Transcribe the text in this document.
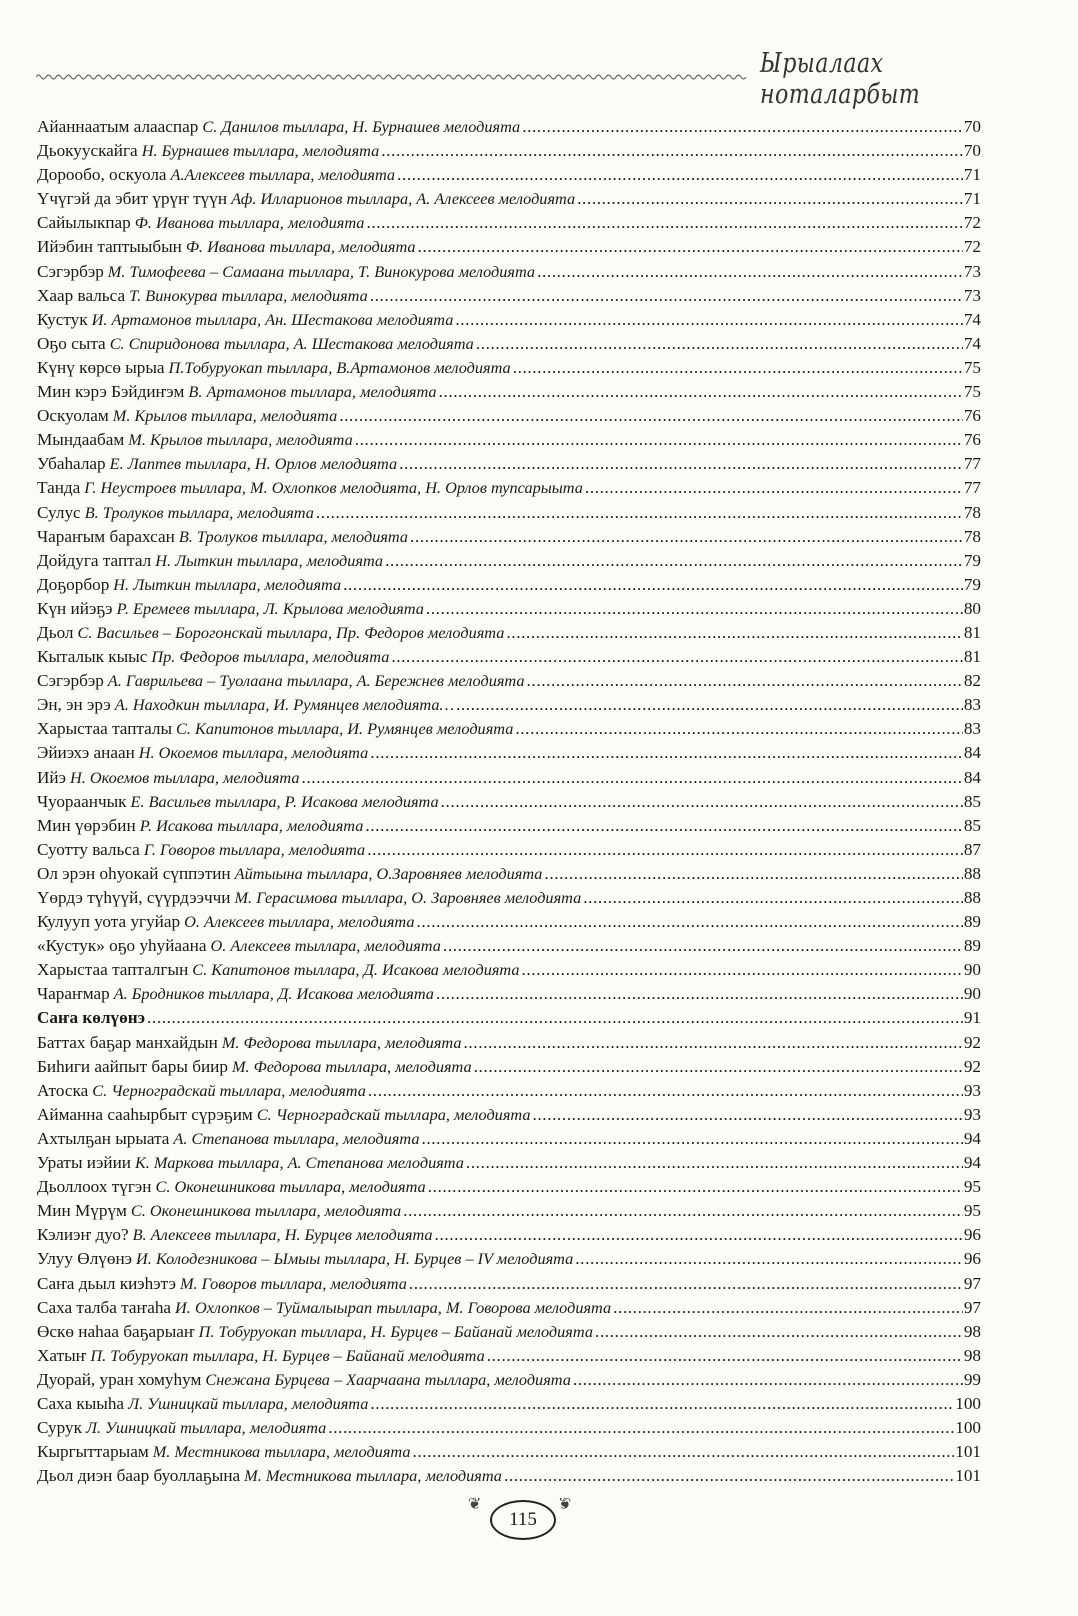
Ырыалаах ноталарбыт
Айаннаатым алааспар С. Данилов тыллара, Н. Бурнашев мелодията .....	70
Дьокуускайга Н. Бурнашев тыллара, мелодията .....	70
Дорообо, оскуола А.Алексеев тыллара, мелодията .....	71
Үчүгэй да эбит үрүҥ түүн Аф. Илларионов тыллара, А. Алексеев мелодията .....	71
Сайылыкпар Ф. Иванова тыллара, мелодията .....	72
Ийэбин таптыыбын Ф. Иванова тыллара, мелодията .....	72
Сэгэрбэр М. Тимофеева – Самаана тыллара, Т. Винокурова мелодията .....	73
Хаар вальса Т. Винокурва тыллара, мелодията .....	73
Кустук И. Артамонов тыллара, Ан. Шестакова мелодията .....	74
Оҕо сыта С. Спиридонова тыллара, А. Шестакова мелодията .....	74
Күнү көрсө ырыа П.Тобуруокап тыллара, В.Артамонов мелодията .....	75
Мин кэрэ Бэйдиҥэм В. Артамонов тыллара, мелодията .....	75
Оскуолам М. Крылов тыллара, мелодията .....	76
Мындаабам М. Крылов тыллара, мелодията .....	76
Убаһалар Е. Лаптев тыллара, Н. Орлов мелодията .....	77
Танда Г. Неустроев тыллара, М. Охлопков мелодията, Н. Орлов тупсарыыта .....	77
Сулус В. Тролуков тыллара, мелодията .....	78
Чараҥым барахсан В. Тролуков тыллара, мелодията .....	78
Дойдуга таптал Н. Лыткин тыллара, мелодията .....	79
Доҕорбор Н. Лыткин тыллара, мелодията .....	79
Күн ийэҕэ Р. Еремеев тыллара, Л. Крылова мелодията .....	80
Дьол С. Васильев – Борогонскай тыллара, Пр. Федоров мелодията .....	81
Кыталык кыыс Пр. Федоров тыллара, мелодията .....	81
Сэгэрбэр А. Гаврильева – Туолаана тыллара, А. Бережнев мелодията .....	82
Эн, эн эрэ А. Находкин тыллара, И. Румянцев мелодията… .....	83
Харыстаа тапталы С. Капитонов тыллара, И. Румянцев мелодията .....	83
Эйиэхэ анаан Н. Окоемов тыллара, мелодията .....	84
Ийэ Н. Окоемов тыллара, мелодията .....	84
Чуораанчык Е. Васильев тыллара, Р. Исакова мелодията .....	85
Мин үөрэбин Р. Исакова тыллара, мелодията .....	85
Суотту вальса Г. Говоров тыллара, мелодията .....	87
Ол эрэн оһуокай сүппэтин Айтыына тыллара, О.Заровняев мелодията .....	88
Үөрдэ түһүүй, сүүрдээччи М. Герасимова тыллара, О. Заровняев мелодията .....	88
Кулууп уота угуйар О. Алексеев тыллара, мелодията .....	89
«Кустук» оҕо уһуйаана О. Алексеев тыллара, мелодията .....	89
Харыстаа тапталгын С. Капитонов тыллара, Д. Исакова мелодията .....	90
Чараҥмар А. Бродников тыллара, Д. Исакова мелодията .....	90
Саҥа көлүөнэ .....	91
Баттах баҕар манхайдын М. Федорова тыллара, мелодията .....	92
Биһиги аайпыт бары биир М. Федорова тыллара, мелодията .....	92
Атоска С. Черноградскай тыллара, мелодията .....	93
Айманна сааһырбыт сүрэҕим С. Черноградскай тыллара, мелодията .....	93
Ахтылҕан ырыата А. Степанова тыллара, мелодията .....	94
Ураты иэйии К. Маркова тыллара, А. Степанова мелодията .....	94
Дьоллоох түгэн С. Оконешникова тыллара, мелодията .....	95
Мин Мүрүм С. Оконешникова тыллара, мелодията .....	95
Кэлиэҥ дуо? В. Алексеев тыллара, Н. Бурцев мелодията .....	96
Улуу Өлүөнэ И. Колодезникова – Ымыы тыллара, Н. Бурцев – IV мелодията .....	96
Саҥа дьыл киэһэтэ М. Говоров тыллара, мелодията .....	97
Саха талба таҥаһа И. Охлопков – Туймалыырап тыллара, М. Говорова мелодията .....	97
Өскө наһаа баҕарыаҥ П. Тобуруокап тыллара, Н. Бурцев – Байанай мелодията .....	98
Хатыҥ П. Тобуруокап тыллара, Н. Бурцев – Байанай мелодията .....	98
Дуорай, уран хомуһум Снежана Бурцева – Хаарчаана тыллара, мелодията .....	99
Саха кыыһа Л. Ушницкай тыллара, мелодията .....	100
Сурук Л. Ушницкай тыллара, мелодията .....	100
Кыргыттарыам М. Местникова тыллара, мелодията .....	101
Дьол диэн баар буоллаҕына М. Местникова тыллара, мелодията .....	101
❦
115
❦
